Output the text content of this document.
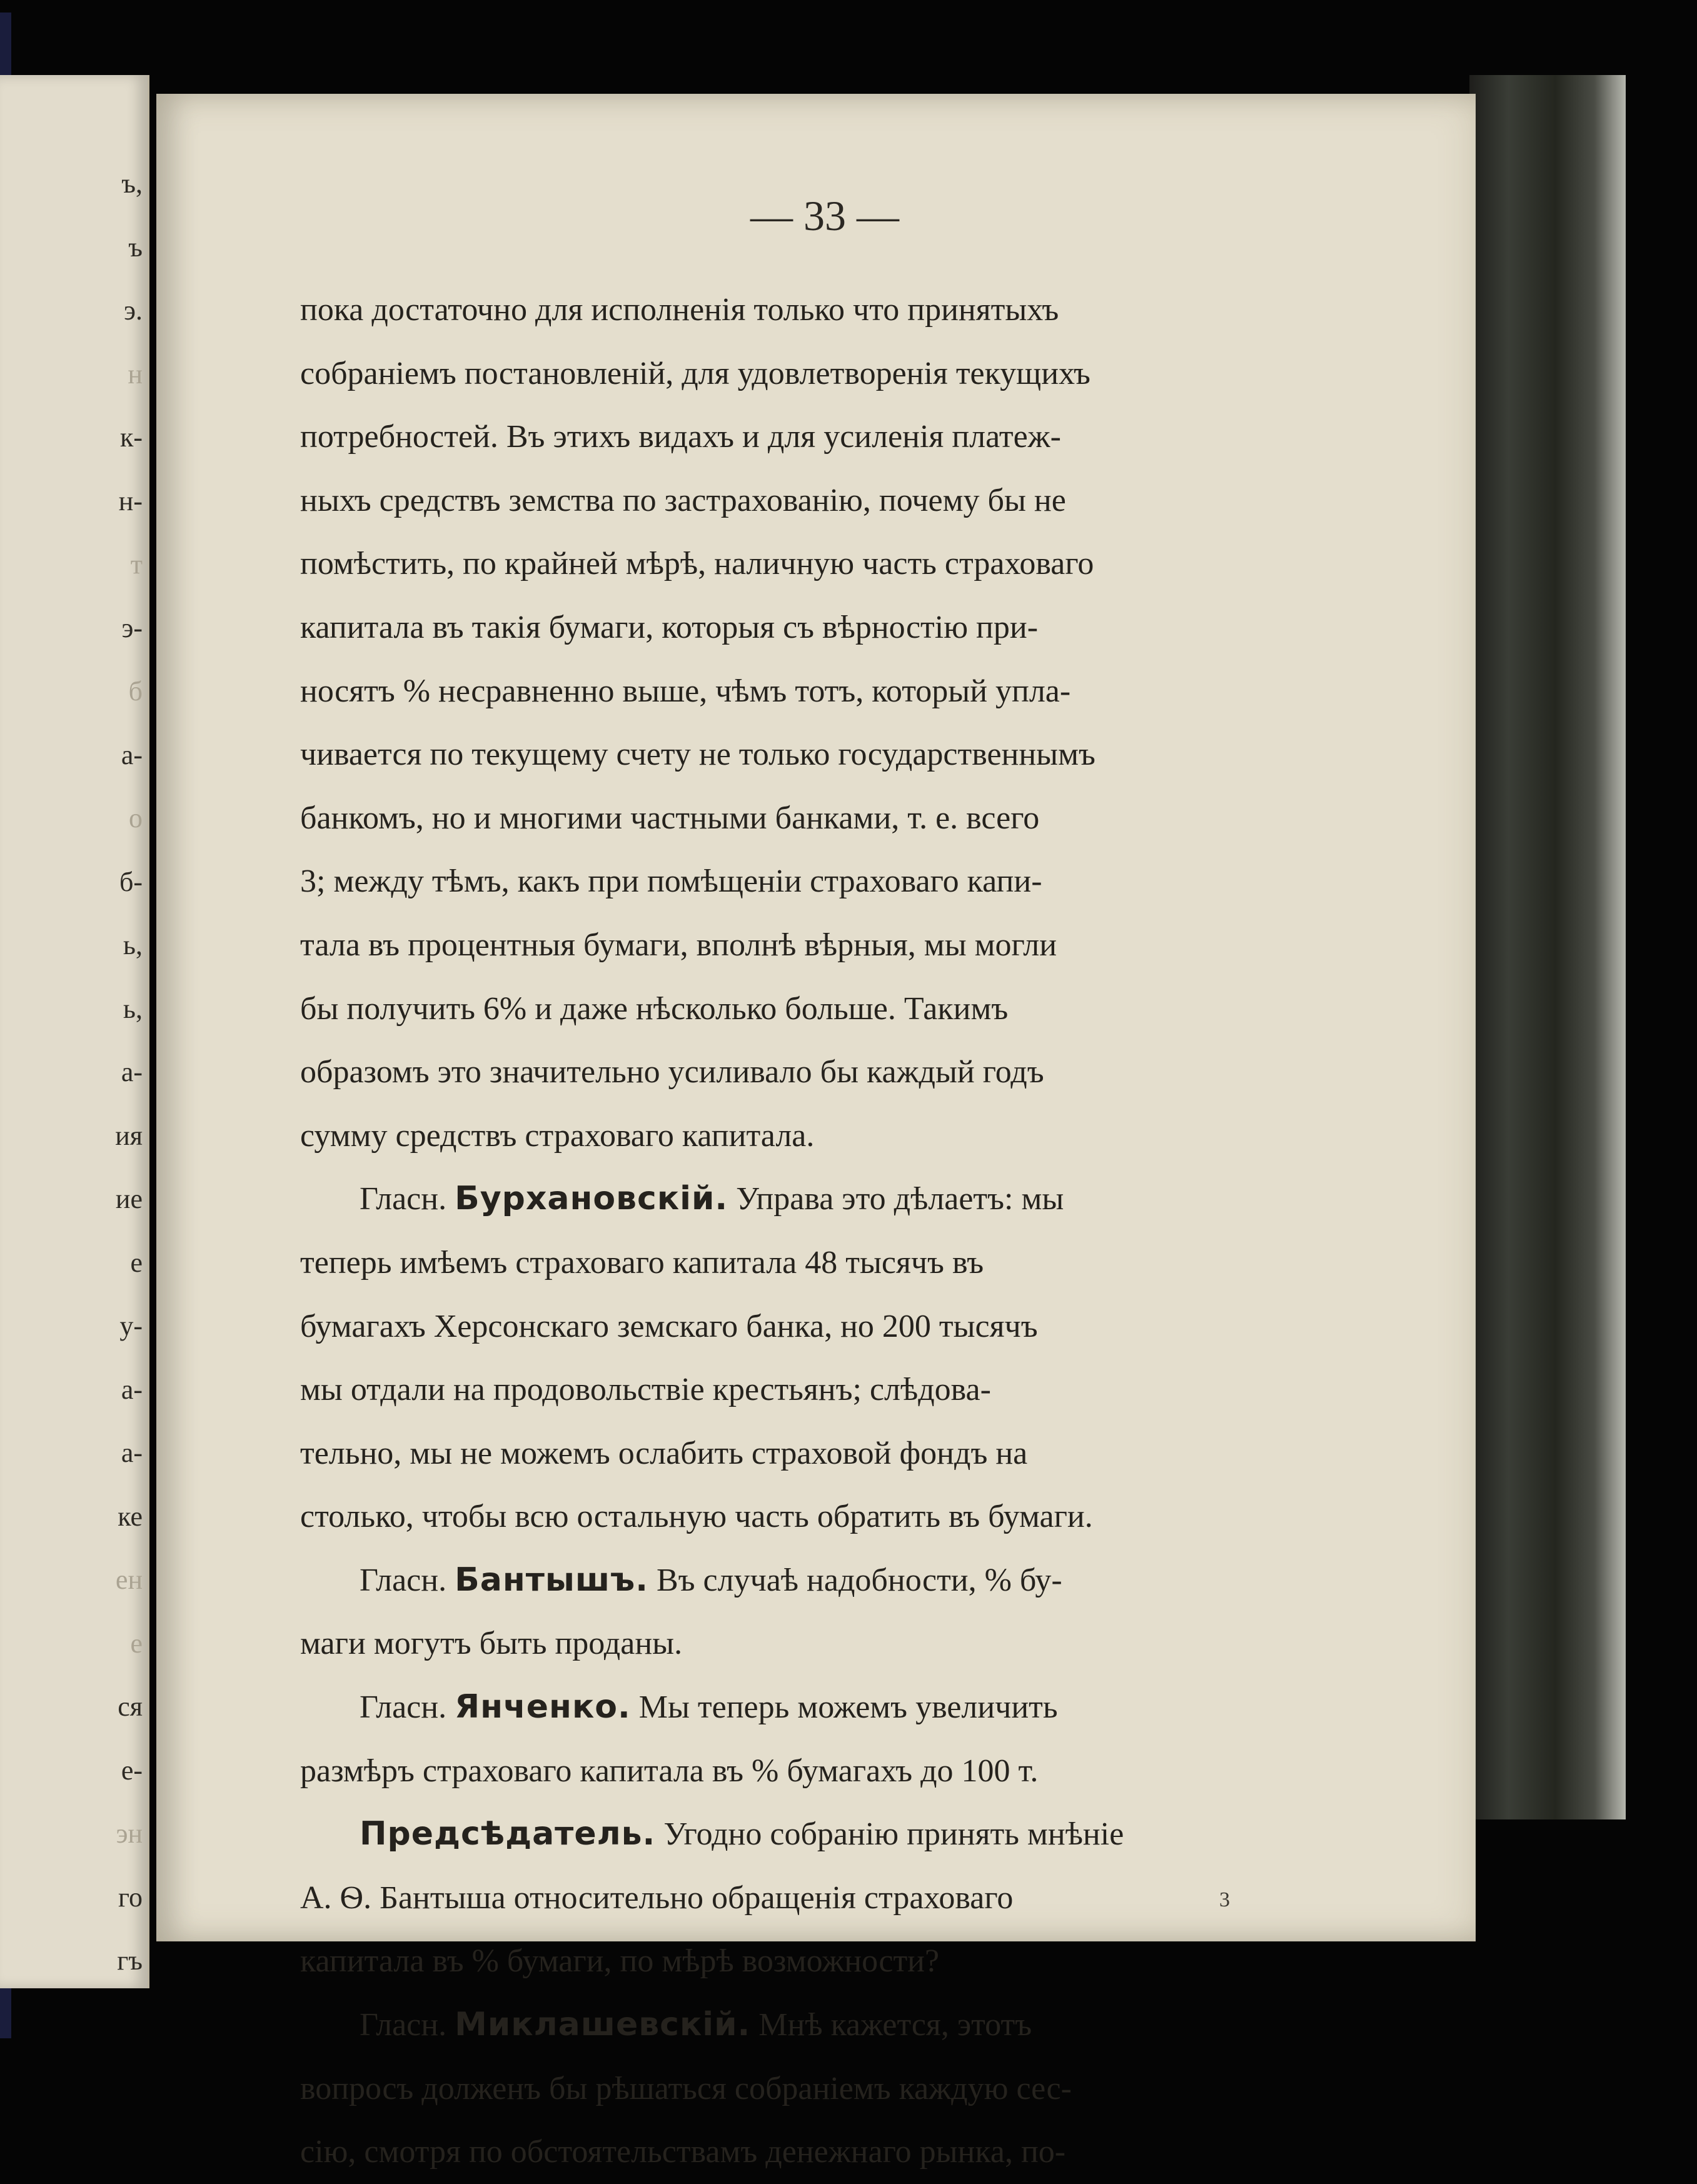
ъ,
ъ
э.
н
к-
н-
т
э-
б
а-
о
б-
ь,
ь,
а-
ия
ие
е
у-
а-
а-
ке
ен
е
ся
е-
эн
го
гъ
— 33 —
пока достаточно для исполненія только что принятыхъ
собраніемъ постановленій, для удовлетворенія текущихъ
потребностей. Въ этихъ видахъ и для усиленія платеж-
ныхъ средствъ земства по застрахованію, почему бы не
помѣстить, по крайней мѣрѣ, наличную часть страховаго
капитала въ такія бумаги, которыя съ вѣрностію при-
носятъ % несравненно выше, чѣмъ тотъ, который упла-
чивается по текущему счету не только государственнымъ
банкомъ, но и многими частными банками, т. е. всего
3; между тѣмъ, какъ при помѣщеніи страховаго капи-
тала въ процентныя бумаги, вполнѣ вѣрныя, мы могли
бы получить 6% и даже нѣсколько больше. Такимъ
образомъ это значительно усиливало бы каждый годъ
сумму средствъ страховаго капитала.
Гласн. Бурхановскій. Управа это дѣлаетъ: мы
теперь имѣемъ страховаго капитала 48 тысячъ въ
бумагахъ Херсонскаго земскаго банка, но 200 тысячъ
мы отдали на продовольствіе крестьянъ; слѣдова-
тельно, мы не можемъ ослабить страховой фондъ на
столько, чтобы всю остальную часть обратить въ бумаги.
Гласн. Бантышъ. Въ случаѣ надобности, % бу-
маги могутъ быть проданы.
Гласн. Янченко. Мы теперь можемъ увеличить
размѣръ страховаго капитала въ % бумагахъ до 100 т.
Предсѣдатель. Угодно собранію принять мнѣніе
А. Ѳ. Бантыша относительно обращенія страховаго
капитала въ % бумаги, по мѣрѣ возможности?
Гласн. Миклашевскій. Мнѣ кажется, этотъ
вопросъ долженъ бы рѣшаться собраніемъ каждую сес-
сію, смотря по обстоятельствамъ денежнаго рынка, по-
3
